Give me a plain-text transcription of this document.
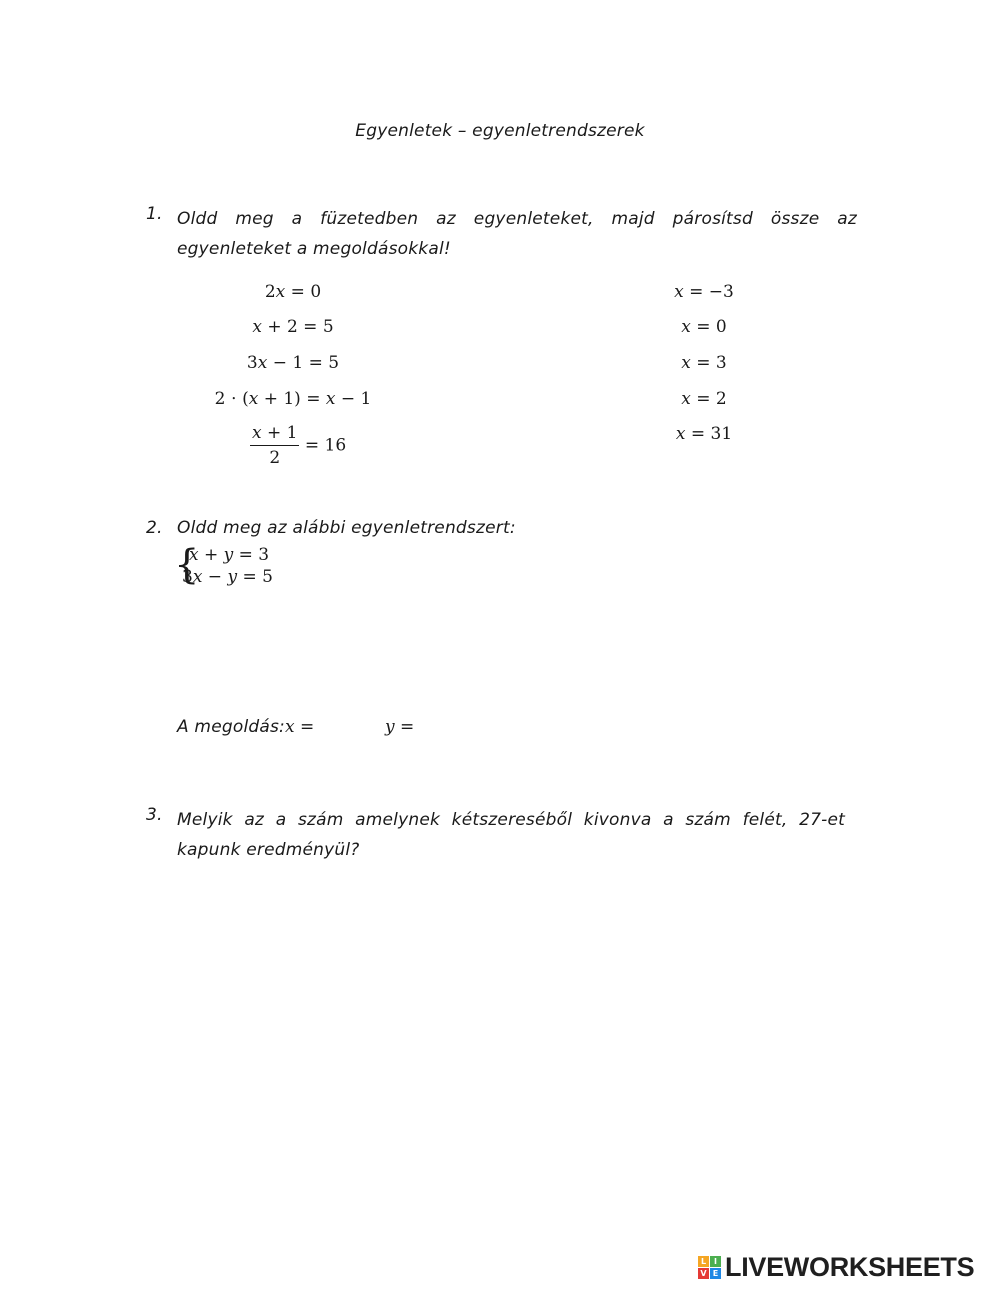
Egyenletek – egyenletrendszerek
1. Oldd meg a füzetedben az egyenleteket, majd párosítsd össze az egyenleteket a megoldásokkal!
2𝑥 = 0
𝑥 + 2 = 5
3𝑥 − 1 = 5
2 ⋅ (𝑥 + 1) = 𝑥 − 1
$\frac{\text{𝑥 + 1}}{2} = 16$
𝑥 = −3
𝑥 = 0
𝑥 = 3
𝑥 = 2
𝑥 = 31
2. Oldd meg az alábbi egyenletrendszert:
{
𝑥 + 𝑦 = 3
3𝑥 − 𝑦 = 5
A megoldás: 𝑥 =	𝑦 =
3. Melyik az a szám amelynek kétszereséből kivonva a szám felét, 27-et kapunk eredményül?
L I
V E LIVEWORKSHEETS
